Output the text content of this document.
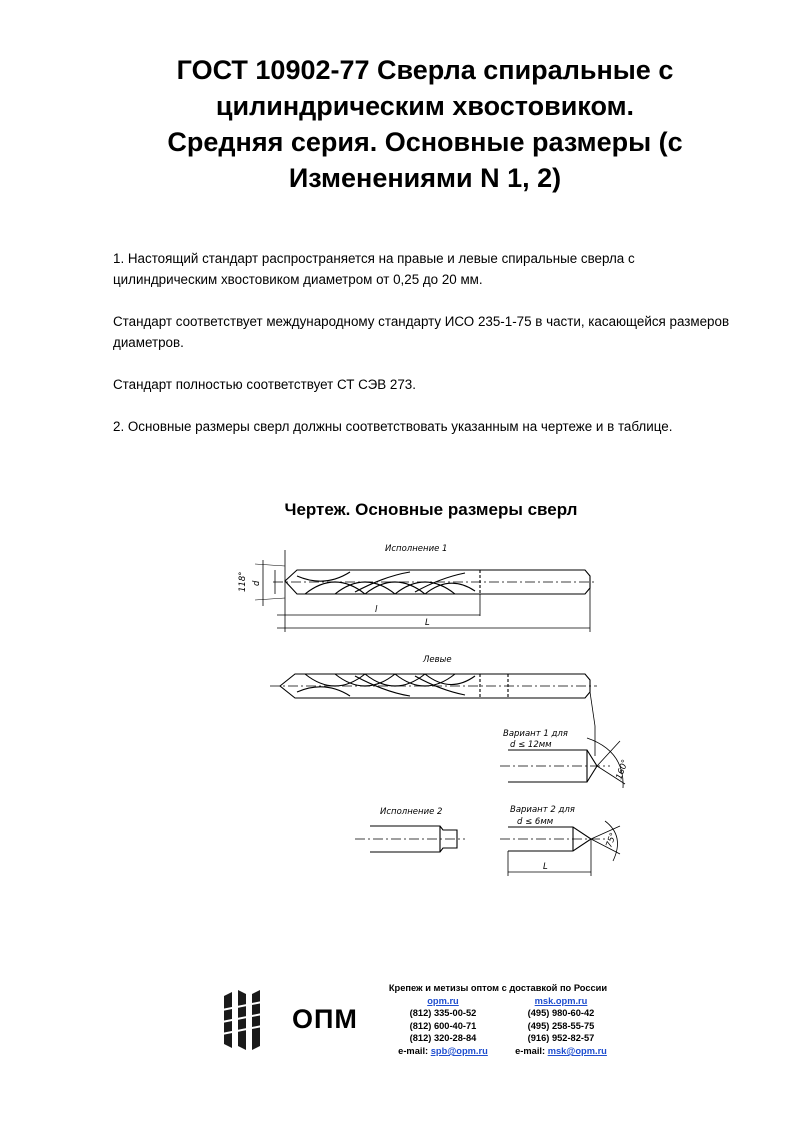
ГОСТ 10902-77 Сверла спиральные с
цилиндрическим хвостовиком.
Средняя серия. Основные размеры (с
Изменениями N 1, 2)

1. Настоящий стандарт распространяется на правые и левые спиральные сверла с цилиндрическим хвостовиком диаметром от 0,25 до 20 мм.

Стандарт соответствует международному стандарту ИСО 235-1-75 в части, касающейся размеров диаметров.

Стандарт полностью соответствует СТ СЭВ 273.

2. Основные размеры сверл должны соответствовать указанным на чертеже и в таблице.

Чертеж. Основные размеры сверл
Исполнение 1
118° d
l
L
Левые
Вариант 1 для
d ≤ 12мм
160°
Исполнение 2	Вариант 2 для
d ≤ 6мм
75°
L
ОПМ
Крепеж и метизы оптом с доставкой по России
opm.ru
(812) 335-00-52
(812) 600-40-71
(812) 320-28-84
e-mail: spb@opm.ru
msk.opm.ru
(495) 980-60-42
(495) 258-55-75
(916) 952-82-57
e-mail: msk@opm.ru
